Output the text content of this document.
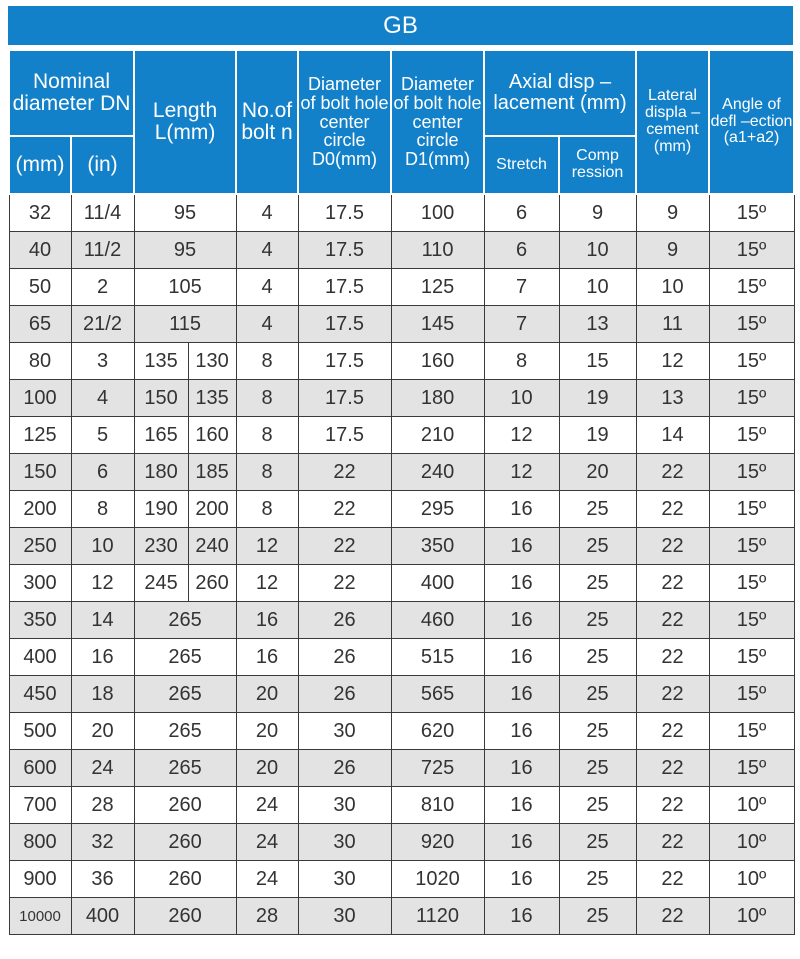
GB
Nominal diameter DN		Length L(mm)		No.of bolt n	Diameter of bolt hole center circle D0(mm)	Diameter of bolt hole center circle D1(mm)	Axial disp –lacement (mm)		Lateral displa –cement (mm)	Angle of defl –ection (a1+a2)
(mm)	(in)						Stretch	Comp ression		
32	11/4	95		4	17.5	100	6	9	9	15º
40	11/2	95		4	17.5	110	6	10	9	15º
50	2	105		4	17.5	125	7	10	10	15º
65	21/2	115		4	17.5	145	7	13	11	15º
80	3	135	130	8	17.5	160	8	15	12	15º
100	4	150	135	8	17.5	180	10	19	13	15º
125	5	165	160	8	17.5	210	12	19	14	15º
150	6	180	185	8	22	240	12	20	22	15º
200	8	190	200	8	22	295	16	25	22	15º
250	10	230	240	12	22	350	16	25	22	15º
300	12	245	260	12	22	400	16	25	22	15º
350	14	265		16	26	460	16	25	22	15º
400	16	265		16	26	515	16	25	22	15º
450	18	265		20	26	565	16	25	22	15º
500	20	265		20	30	620	16	25	22	15º
600	24	265		20	26	725	16	25	22	15º
700	28	260		24	30	810	16	25	22	10º
800	32	260		24	30	920	16	25	22	10º
900	36	260		24	30	1020	16	25	22	10º
10000	400	260		28	30	1120	16	25	22	10º
